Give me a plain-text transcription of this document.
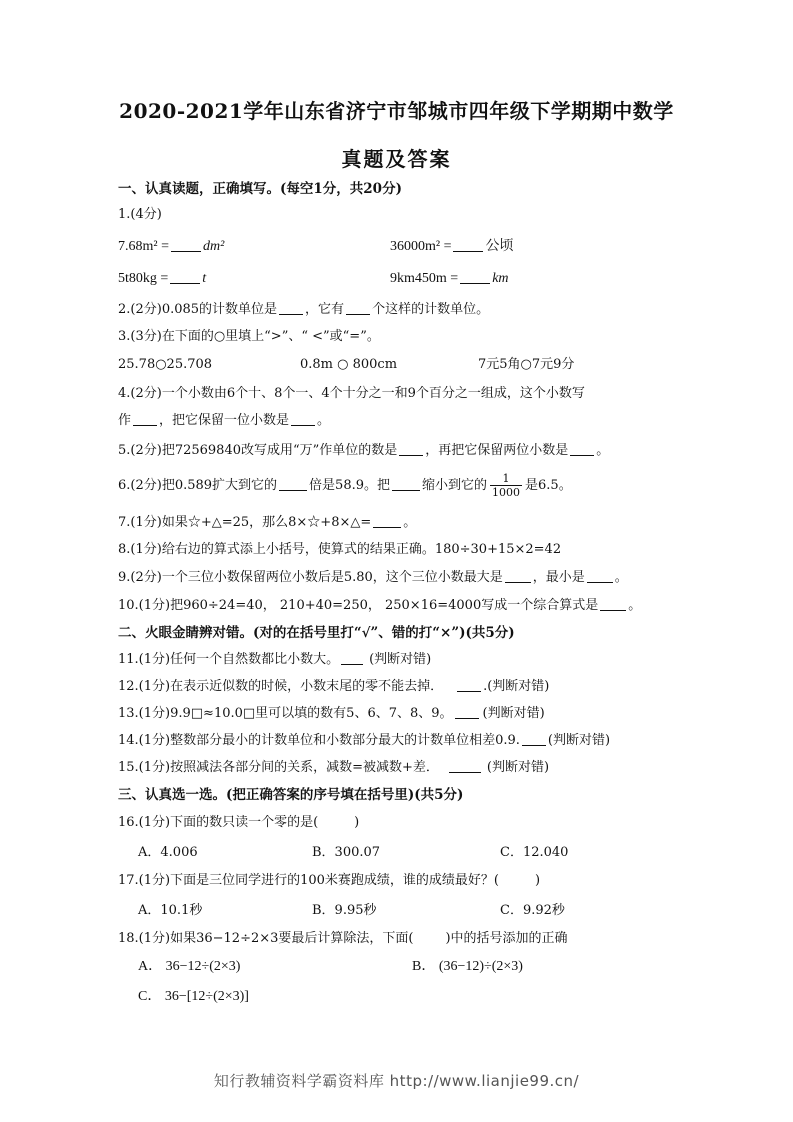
2020-2021学年山东省济宁市邹城市四年级下学期期中数学
真题及答案
一、认真读题，正确填写。(每空1分，共20分)
1.(4分)
7.68m² = dm²	36000m² = 公顷
5t80kg = t	9km450m = km
2.(2分)0.085的计数单位是 ，它有 个这样的计数单位。
3.(3分)在下面的○里填上“>”、“ <”或“=”。
25.78○25.708	0.8m ○ 800cm	7元5角○7元9分
4.(2分)一个小数由6个十、8个一、4个十分之一和9个百分之一组成，这个小数写
作 ，把它保留一位小数是 。
5.(2分)把72569840改写成用“万”作单位的数是 ，再把它保留两位小数是 。
6.(2分)把0.589扩大到它的 倍是58.9。把 缩小到它的 $\frac{1}{1000}$ 是6.5。
7.(1分)如果☆+△=25，那么8×☆+8×△= 。
8.(1分)给右边的算式添上小括号，使算式的结果正确。180÷30+15×2=42
9.(2分)一个三位小数保留两位小数后是5.80，这个三位小数最大是 ，最小是 。
10.(1分)把960÷24=40， 210+40=250， 250×16=4000写成一个综合算式是 。
二、火眼金睛辨对错。(对的在括号里打“√”、错的打“×”)(共5分)
11.(1分)任何一个自然数都比小数大。 (判断对错)
12.(1分)在表示近似数的时候，小数末尾的零不能去掉．	.(判断对错)
13.(1分)9.9□≈10.0□里可以填的数有5、6、7、8、9。 (判断对错)
14.(1分)整数部分最小的计数单位和小数部分最大的计数单位相差0.9. (判断对错)
15.(1分)按照减法各部分间的关系，减数=被减数+差．	(判断对错)
三、认真选一选。(把正确答案的序号填在括号里)(共5分)
16.(1分)下面的数只读一个零的是(	)
A．4.006	B．300.07	C．12.040
17.(1分)下面是三位同学进行的100米赛跑成绩，谁的成绩最好？(	)
A．10.1秒	B．9.95秒	C．9.92秒
18.(1分)如果36−12÷2×3要最后计算除法，下面( )中的括号添加的正确
A． 36−12÷(2×3)	B． (36−12)÷(2×3)
C． 36−[12÷(2×3)]
知行教辅资料学霸资料库 http://www.lianjie99.cn/
